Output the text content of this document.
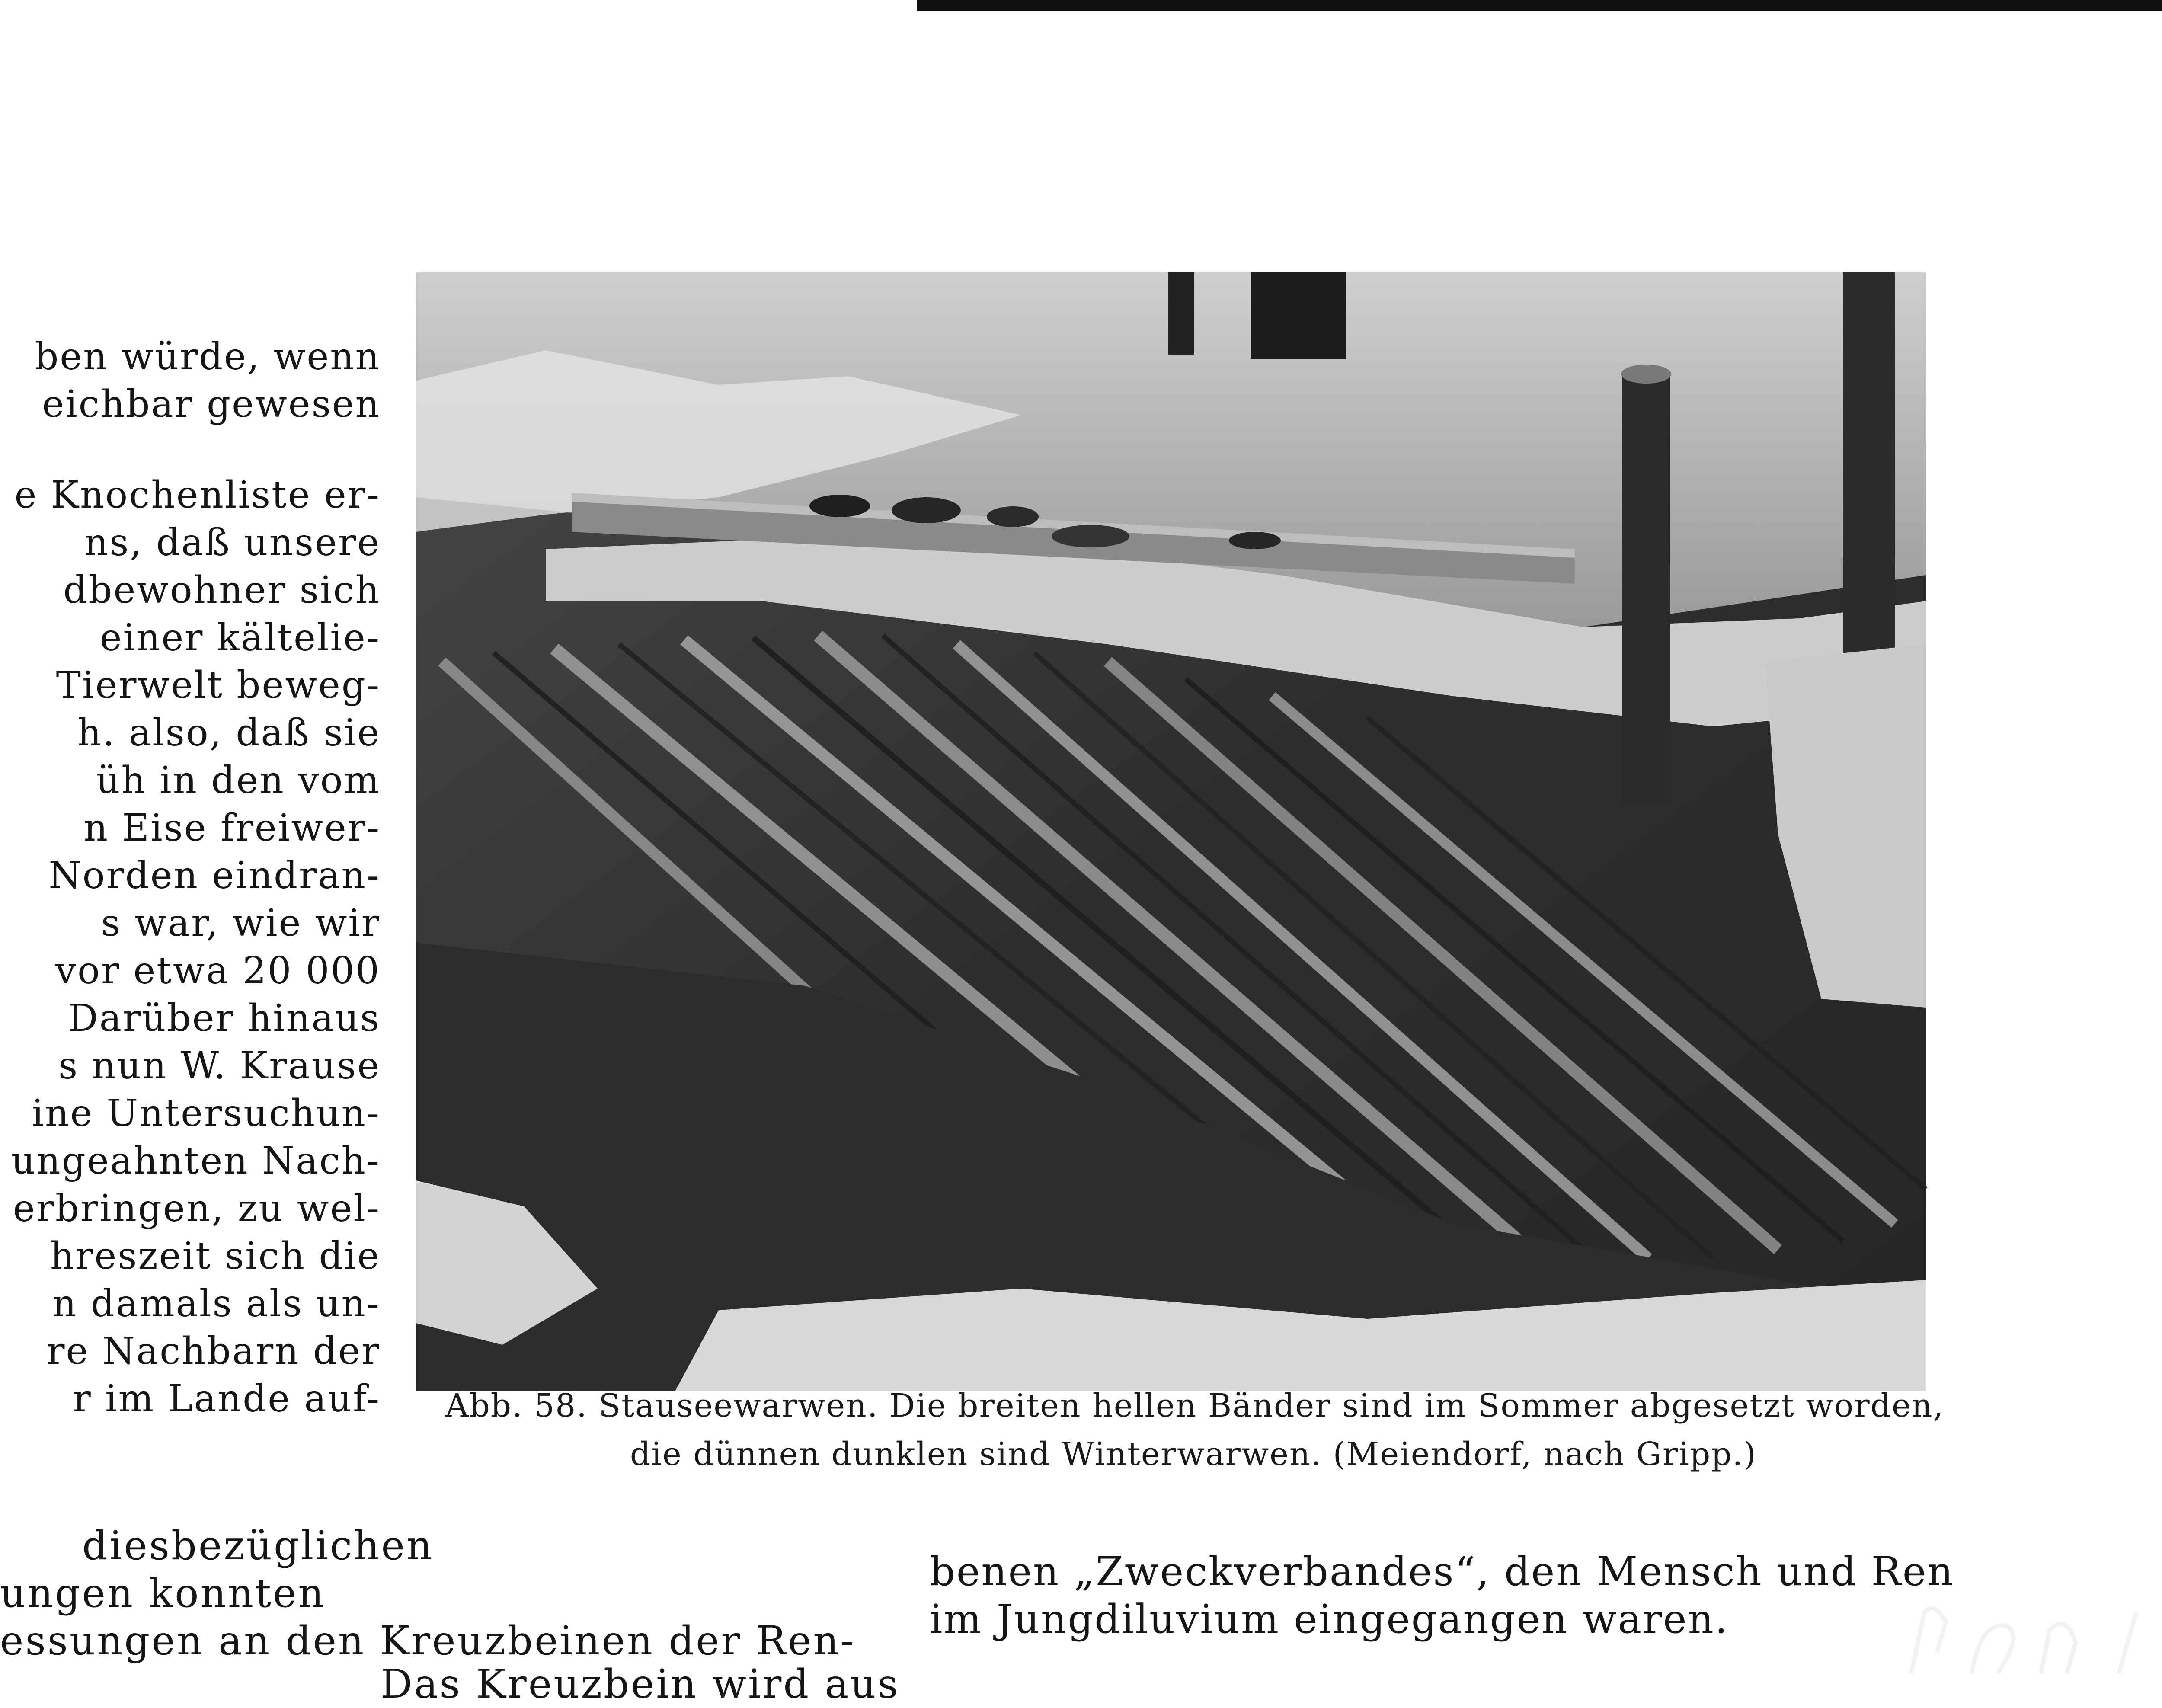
ben würde, wenn
eichbar gewesen
e Knochenliste er-
ns, daß unsere
dbewohner sich
einer kältelie-
Tierwelt beweg-
h. also, daß sie
üh in den vom
n Eise freiwer-
Norden eindran-
s war, wie wir
vor etwa 20 000
Darüber hinaus
s nun W. Krause
ine Untersuchun-
ungeahnten Nach-
erbringen, zu wel-
hreszeit sich die
n damals als un-
re Nachbarn der
r im Lande auf- Abb. 58. Stauseewarwen. Die breiten hellen Bänder sind im Sommer abgesetzt worden,
die dünnen dunklen sind Winterwarwen. (Meiendorf, nach Gripp.)
diesbezüglichen
ungen konnten
essungen an den Kreuzbeinen der Ren-
Das Kreuzbein wird aus
benen „Zweckverbandes“, den Mensch und Ren
im Jungdiluvium eingegangen waren.
